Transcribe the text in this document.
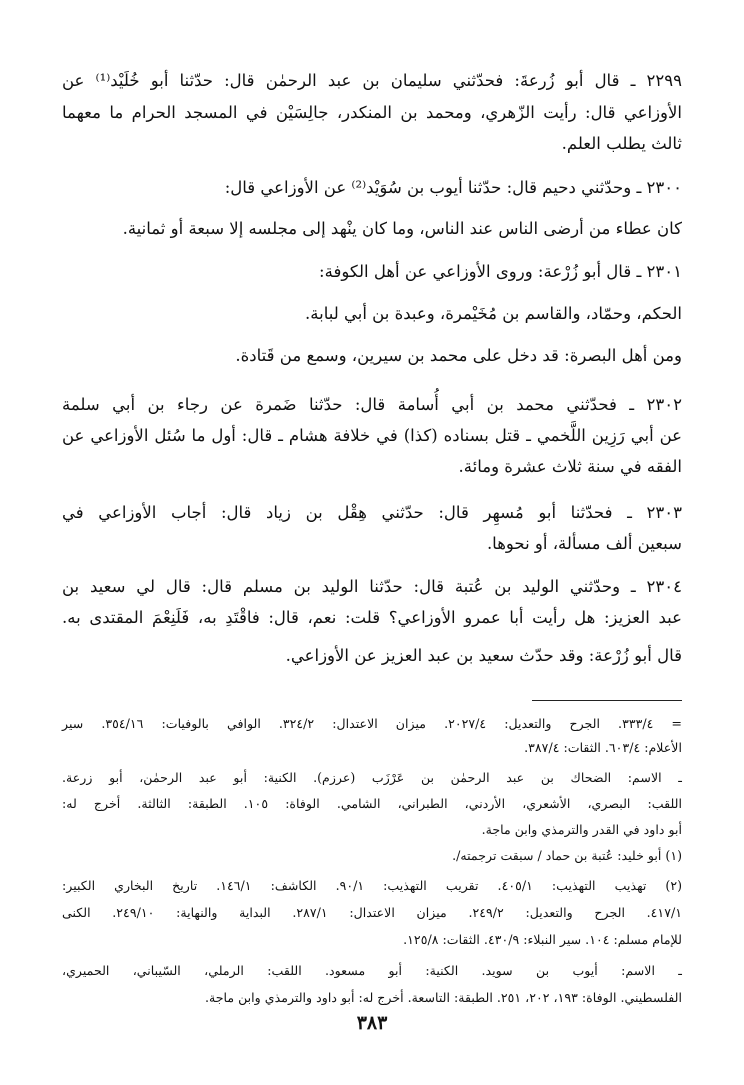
٢٢٩٩ ـ قال أبو زُرعةَ: فحدّثني سليمان بن عبد الرحمٰن قال: حدّثنا أبو خُلَيْد⁽¹⁾ عن
الأوزاعي قال: رأيت الزّهري، ومحمد بن المنكدر، جالِسَيْن في المسجد الحرام ما معهما
ثالث يطلب العلم.
٢٣٠٠ ـ وحدّثني دحيم قال: حدّثنا أيوب بن سُوَيْد⁽²⁾ عن الأوزاعي قال:
كان عطاء من أرضى الناس عند الناس، وما كان ينْهد إلى مجلسه إلا سبعة أو ثمانية.
٢٣٠١ ـ قال أبو زُرْعة: وروى الأوزاعي عن أهل الكوفة:
الحكم، وحمّاد، والقاسم بن مُخَيْمرة، وعبدة بن أبي لبابة.
ومن أهل البصرة: قد دخل على محمد بن سيرين، وسمع من قَتادة.
٢٣٠٢ ـ فحدّثني محمد بن أبي أُسامة قال: حدّثنا ضَمرة عن رجاء بن أبي سلمة
عن أبي رَزِين اللَّخمي ـ قتل بسناده (كذا) في خلافة هشام ـ قال: أول ما سُئل الأوزاعي عن
الفقه في سنة ثلاث عشرة ومائة.
٢٣٠٣ ـ فحدّثنا أبو مُسهِر قال: حدّثني هِقْل بن زياد قال: أجاب الأوزاعي في
سبعين ألف مسألة، أو نحوها.
٢٣٠٤ ـ وحدّثني الوليد بن عُتبة قال: حدّثنا الوليد بن مسلم قال: قال لي سعيد بن
عبد العزيز: هل رأيت أبا عمرو الأوزاعي؟ قلت: نعم، قال: فاقْتَدِ به، فَلَنِعْمَ المقتدى به.
قال أبو زُرْعة: وقد حدّث سعيد بن عبد العزيز عن الأوزاعي.
= ٣٣٣/٤. الجرح والتعديل: ٢٠٢٧/٤. ميزان الاعتدال: ٣٢٤/٢. الوافي بالوفيات: ٣٥٤/١٦. سير
الأعلام: ٦٠٣/٤. الثقات: ٣٨٧/٤.
ـ الاسم: الضحاك بن عبد الرحمٰن بن عَرْزَب (عرزم). الكنية: أبو عبد الرحمٰن، أبو زرعة.
اللقب: البصري، الأشعري، الأردني، الطبراني، الشامي. الوفاة: ١٠٥. الطبقة: الثالثة. أخرج له:
أبو داود في القدر والترمذي وابن ماجة.
(١) أبو خليد: عُتبة بن حماد / سبقت ترجمته/.
(٢) تهذيب التهذيب: ٤٠٥/١. تقريب التهذيب: ٩٠/١. الكاشف: ١٤٦/١. تاريخ البخاري الكبير:
٤١٧/١. الجرح والتعديل: ٢٤٩/٢. ميزان الاعتدال: ٢٨٧/١. البداية والنهاية: ٢٤٩/١٠. الكنى
للإمام مسلم: ١٠٤. سير النبلاء: ٤٣٠/٩. الثقات: ١٢٥/٨.
ـ الاسم: أيوب بن سويد. الكنية: أبو مسعود. اللقب: الرملي، السّيباني، الحميري،
الفلسطيني. الوفاة: ١٩٣، ٢٠٢، ٢٥١. الطبقة: التاسعة. أخرج له: أبو داود والترمذي وابن ماجة.
٣٨٣
